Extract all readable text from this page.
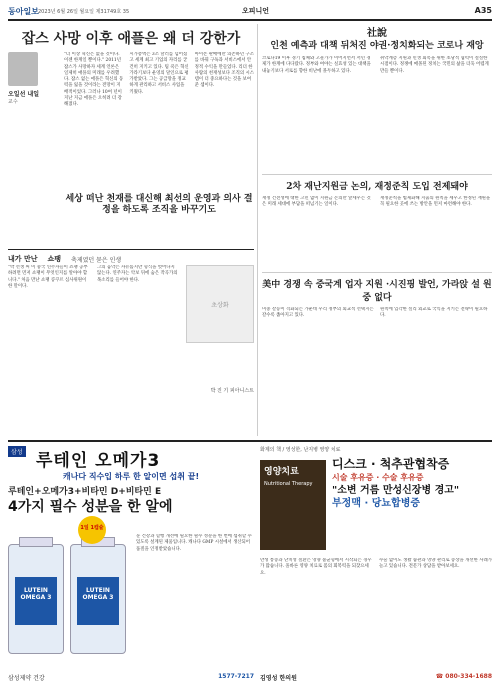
동아일보 2023년 6월 26일 월요일 제31749호 35	오피니언	A35
잡스 사망 이후 애플은 왜 더 강한가
오일선 내일
교수
"더 이상 혁신은 없을 것이다. 이젠 한계일 뿐이다." 2011년 잡스가 사망하자 세계 언론은 일제히 애플의 미래를 우려했다. 잡스 없는 애플은 혁신의 동력을 잃을 것이라는 전망이 지배적이었다. 그러나 10여 년이 지난 지금 애플은 오히려 더 강해졌다.
시가총액은 3조 달러를 넘어섰고 세계 최고 기업의 자리를 굳건히 지키고 있다. 팀 쿡은 혁신가라기보다 운영의 달인으로 평가받았다. 그는 공급망을 정교하게 관리하고 서비스 사업을 키웠다.
아이폰 판매에만 의존하던 구조를 바꿔 구독과 서비스에서 안정적 수익을 만들었다. 리더 한 사람의 천재성보다 조직의 시스템이 더 중요하다는 것을 보여준 셈이다.
세상 떠난 천재를 대신해 최선의 운영과 의사 결정을 하도록 조직을 바꾸기도
내가 만난 쇼팽 축제였던 묻은 인생
"박 선생 씨 이 중국 연주자들이 쇼팽 공부하려면 먼저 쇼팽이 무엇인지를 알아야 합니다." 처음 만난 쇼팽 콩쿠르 심사위원이 한 말이다.
그의 음악은 자유롭지만 형식을 벗어나지 않는다. 연주자는 악보 뒤에 숨은 작곡가의 목소리를 들어야 한다.
초상화
박 진 기 피아니스트
社說
인천 예측과 대책 뒤처진 야권·정치화되는 코로나 재앙
코로나19 이후 경기 침체와 고물가가 이어지면서 서민 경제가 한계에 다다랐다. 정부와 여야는 실효성 있는 대책을 내놓기보다 서로를 향한 비난에 몰두하고 있다.
취약계층 지원과 민생 회복을 위한 초당적 협력이 절실한 시점이다. 정쟁에 매몰된 정치는 국민의 삶을 더욱 어렵게 만들 뿐이다.
2차 재난지원금 논의, 재정준칙 도입 전제돼야
재정 건전성에 대한 고민 없이 지원금 논의만 앞세우는 것은 미래 세대에 부담을 떠넘기는 일이다.
재정준칙을 법제화해 지출의 원칙을 세우고 한정된 재원을 꼭 필요한 곳에 쓰는 방안을 먼저 마련해야 한다.
美中 경쟁 속 중국계 업자 지원 ·시진핑 발언, 가라앉 설 원 중 없다
미중 갈등이 격화되는 가운데 우리 정부의 외교적 선택지는 갈수록 좁아지고 있다.
원칙에 입각한 실리 외교로 국익을 지키는 전략이 필요하다.
삼성 루테인 오메가3
캐나다 직수입 하루 한 알이면 섭취 끝!
루테인+오메가3+비타민 D+비타민 E
4가지 필수 성분을 한 알에
LUTEIN OMEGA 3
LUTEIN OMEGA 3
1일 1캡슐
눈 건강과 혈행 개선에 필요한 필수 성분을 한 번에 섭취할 수 있도록 설계된 제품입니다. 캐나다 GMP 시설에서 생산되어 품질을 인정받았습니다.
삼성제약 건강	1577-7217
화제의 책 / 영성한, 난지병 영양 치료
영양치료
Nutritional Therapy
디스크 · 척추관협착증
시술 후유증 · 수술 후유증
"소변 거름 만성신장병 경고"
부정맥 · 당뇨합병증
만성 통증과 난치성 질환은 영양 불균형에서 시작되는 경우가 많습니다. 올바른 영양 치료로 몸의 회복력을 되찾으세요.
수술 없이도 생활 습관과 영양 관리로 증상을 개선한 사례가 늘고 있습니다. 전문가 상담을 받아보세요.
김영성 한의원	☎ 080-334-1688
